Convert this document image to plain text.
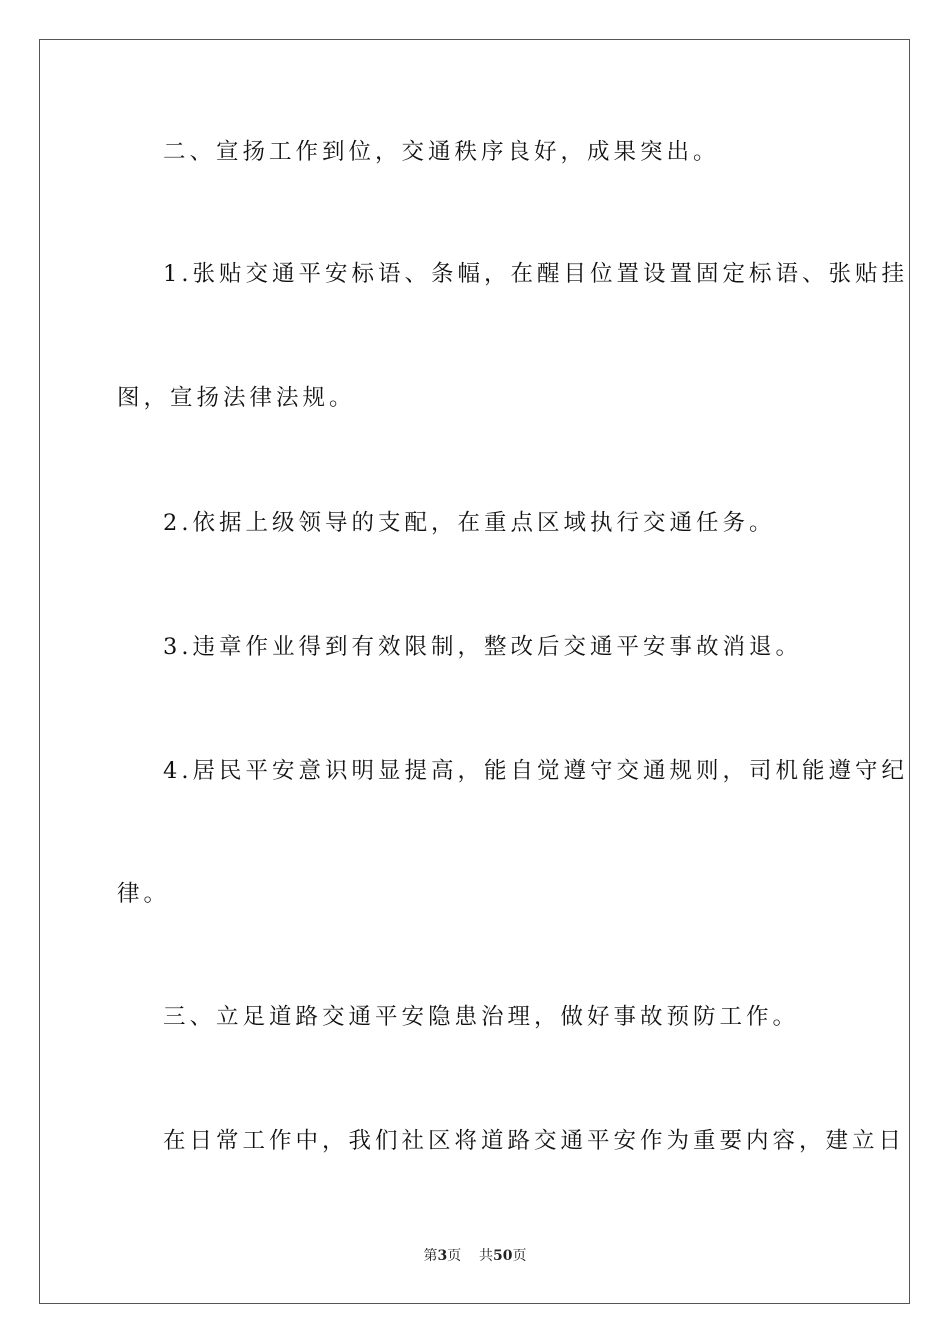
二、宣扬工作到位，交通秩序良好，成果突出。
1.张贴交通平安标语、条幅，在醒目位置设置固定标语、张贴挂
图，宣扬法律法规。
2.依据上级领导的支配，在重点区域执行交通任务。
3.违章作业得到有效限制，整改后交通平安事故消退。
4.居民平安意识明显提高，能自觉遵守交通规则，司机能遵守纪
律。
三、立足道路交通平安隐患治理，做好事故预防工作。
在日常工作中，我们社区将道路交通平安作为重要内容，建立日
第3页 共50页
